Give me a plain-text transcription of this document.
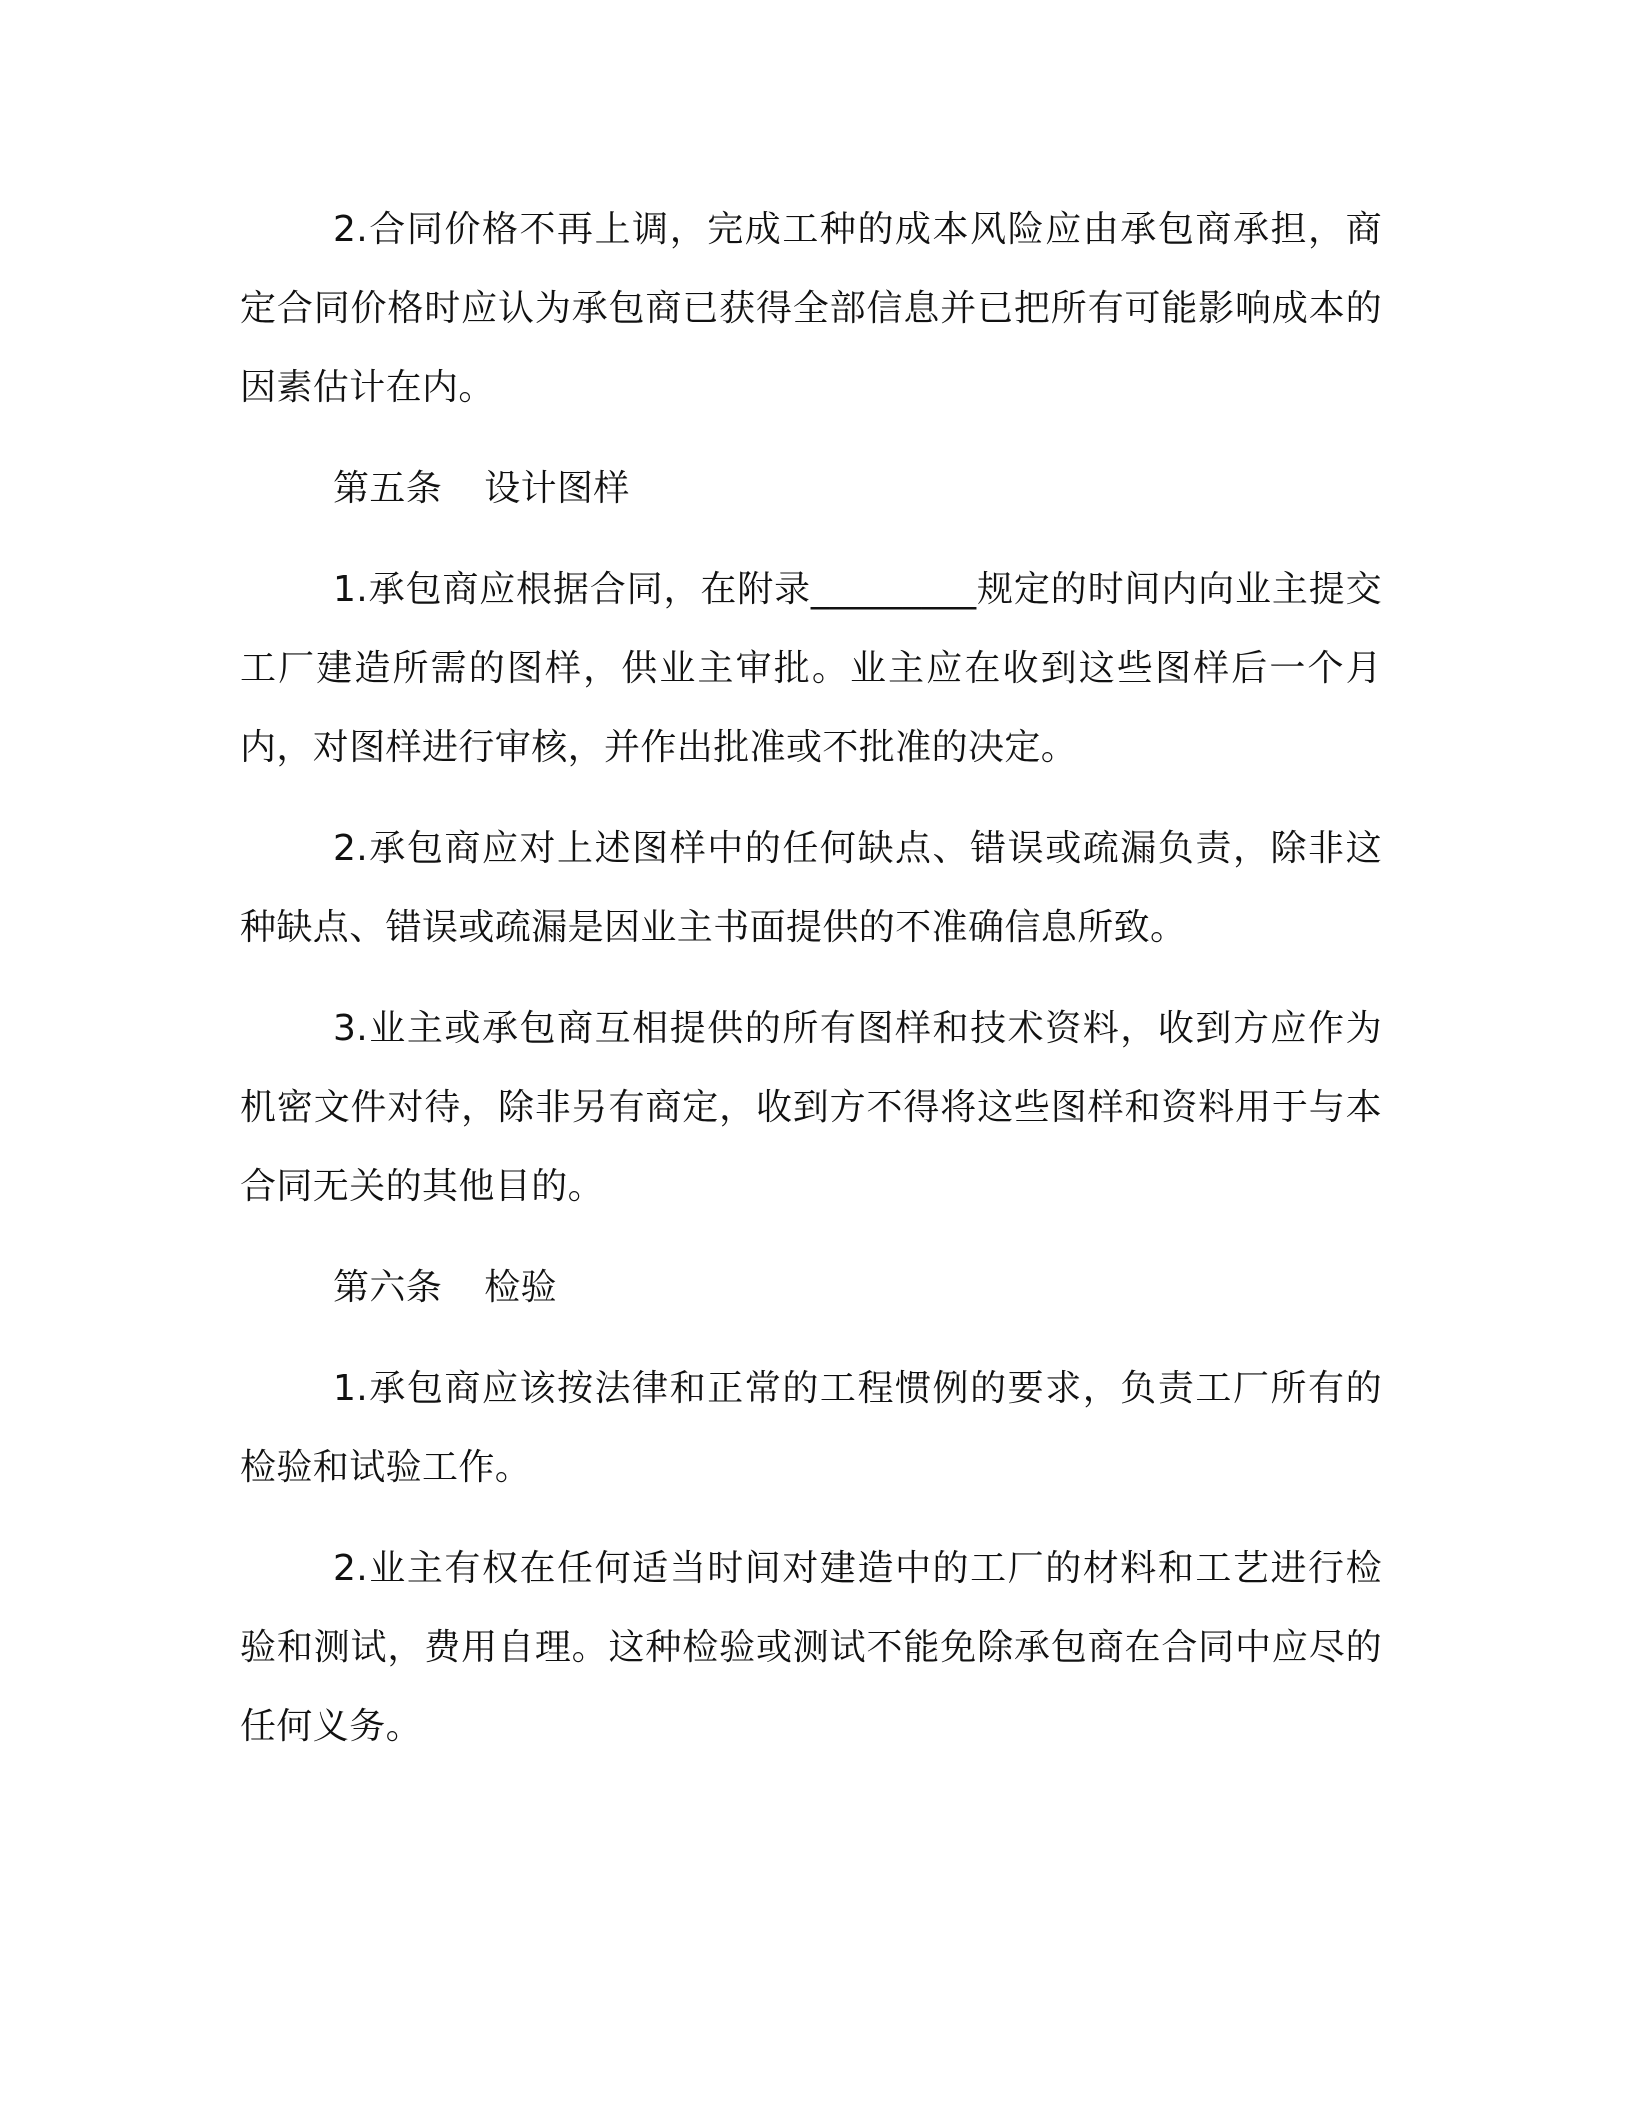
2.合同价格不再上调，完成工种的成本风险应由承包商承担，商定合同价格时应认为承包商已获得全部信息并已把所有可能影响成本的因素估计在内。

第五条 设计图样

1.承包商应根据合同，在附录_________规定的时间内向业主提交工厂建造所需的图样，供业主审批。业主应在收到这些图样后一个月内，对图样进行审核，并作出批准或不批准的决定。

2.承包商应对上述图样中的任何缺点、错误或疏漏负责，除非这种缺点、错误或疏漏是因业主书面提供的不准确信息所致。

3.业主或承包商互相提供的所有图样和技术资料，收到方应作为机密文件对待，除非另有商定，收到方不得将这些图样和资料用于与本合同无关的其他目的。

第六条 检验

1.承包商应该按法律和正常的工程惯例的要求，负责工厂所有的检验和试验工作。

2.业主有权在任何适当时间对建造中的工厂的材料和工艺进行检验和测试，费用自理。这种检验或测试不能免除承包商在合同中应尽的任何义务。
